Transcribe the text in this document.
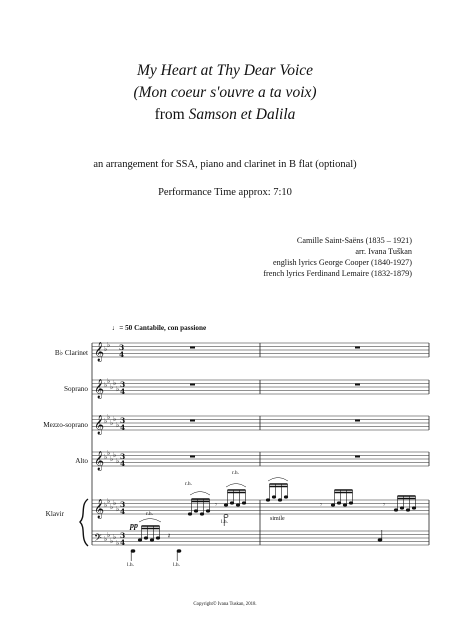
My Heart at Thy Dear Voice
(Mon coeur s'ouvre a ta voix)
from Samson et Dalila
an arrangement for SSA, piano and clarinet in B flat (optional)
Performance Time approx: 7:10
Camille Saint-Saëns (1835 – 1921)
arr. Ivana Tuškan
english lyrics George Cooper (1840-1927)
french lyrics Ferdinand Lemaire (1832-1879)
♩= 50 Cantabile, con passione
B♭ Clarinet
Soprano
Mezzo-soprano
Alto
Klavir
𝄞
𝄞
𝄞
𝄞
𝄞
𝄢
♭ ♭
♭ ♭
♭ ♭
♭
♭ ♭
♭ ♭
♭
♭ ♭
♭ ♭
♭
♭ ♭
♭ ♭
♭
♭ ♭
♭ ♭
♭
3
4
3
4
3
4
3
4
3
4
3
4
𝄾	𝄾	𝄾
𝄽
pp
r.h.
r.h.
r.h.
l.h.
l.h.	l.h.
simile
Copyright© Ivana Tuskan, 2018.
